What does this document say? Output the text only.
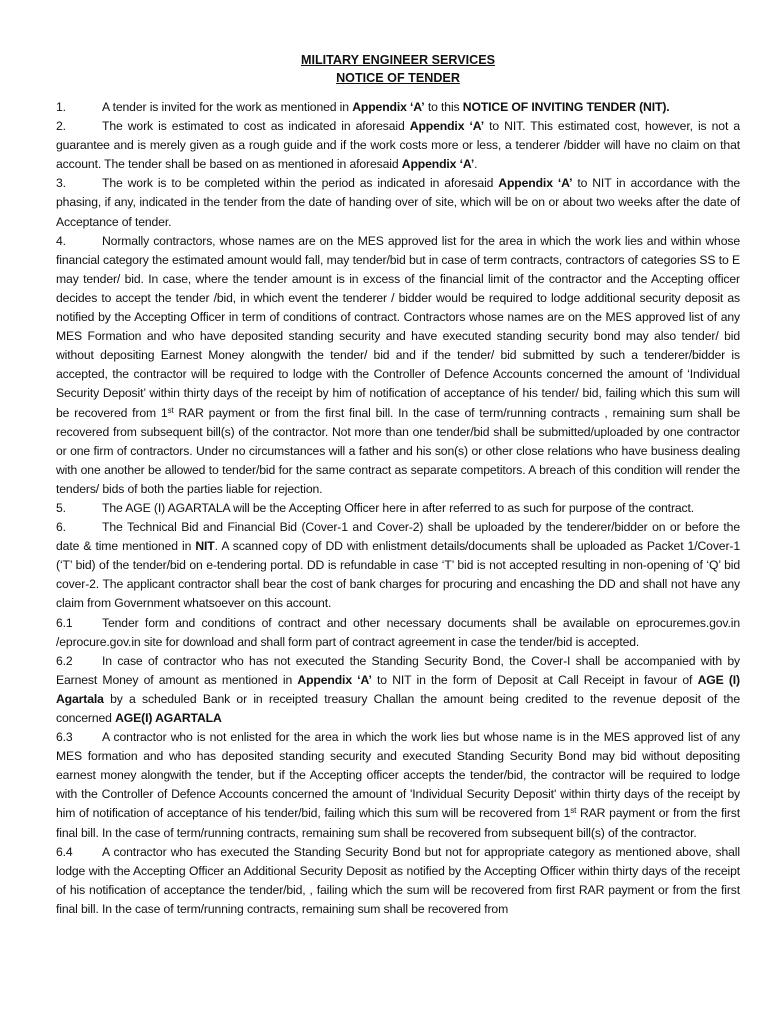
MILITARY ENGINEER SERVICES
NOTICE OF TENDER

1.	A tender is invited for the work as mentioned in Appendix ‘A’ to this NOTICE OF INVITING TENDER (NIT).

2.	The work is estimated to cost as indicated in aforesaid Appendix ‘A’ to NIT. This estimated cost, however, is not a guarantee and is merely given as a rough guide and if the work costs more or less, a tenderer /bidder will have no claim on that account. The tender shall be based on as mentioned in aforesaid Appendix ‘A’.

3.	The work is to be completed within the period as indicated in aforesaid Appendix ‘A’ to NIT in accordance with the phasing, if any, indicated in the tender from the date of handing over of site, which will be on or about two weeks after the date of Acceptance of tender.

4.	Normally contractors, whose names are on the MES approved list for the area in which the work lies and within whose financial category the estimated amount would fall, may tender/bid but in case of term contracts, contractors of categories SS to E may tender/ bid. In case, where the tender amount is in excess of the financial limit of the contractor and the Accepting officer decides to accept the tender /bid, in which event the tenderer / bidder would be required to lodge additional security deposit as notified by the Accepting Officer in term of conditions of contract. Contractors whose names are on the MES approved list of any MES Formation and who have deposited standing security and have executed standing security bond may also tender/ bid without depositing Earnest Money alongwith the tender/ bid and if the tender/ bid submitted by such a tenderer/bidder is accepted, the contractor will be required to lodge with the Controller of Defence Accounts concerned the amount of ‘Individual Security Deposit’ within thirty days of the receipt by him of notification of acceptance of his tender/ bid, failing which this sum will be recovered from 1st RAR payment or from the first final bill. In the case of term/running contracts , remaining sum shall be recovered from subsequent bill(s) of the contractor. Not more than one tender/bid shall be submitted/uploaded by one contractor or one firm of contractors. Under no circumstances will a father and his son(s) or other close relations who have business dealing with one another be allowed to tender/bid for the same contract as separate competitors. A breach of this condition will render the tenders/ bids of both the parties liable for rejection.

5.	The AGE (I) AGARTALA will be the Accepting Officer here in after referred to as such for purpose of the contract.

6.	The Technical Bid and Financial Bid (Cover-1 and Cover-2) shall be uploaded by the tenderer/bidder on or before the date & time mentioned in NIT. A scanned copy of DD with enlistment details/documents shall be uploaded as Packet 1/Cover-1 (‘T’ bid) of the tender/bid on e-tendering portal. DD is refundable in case ‘T’ bid is not accepted resulting in non-opening of ‘Q’ bid cover-2. The applicant contractor shall bear the cost of bank charges for procuring and encashing the DD and shall not have any claim from Government whatsoever on this account.

6.1 Tender form and conditions of contract and other necessary documents shall be available on eprocuremes.gov.in /eprocure.gov.in site for download and shall form part of contract agreement in case the tender/bid is accepted.

6.2 In case of contractor who has not executed the Standing Security Bond, the Cover-I shall be accompanied with by Earnest Money of amount as mentioned in Appendix ‘A’ to NIT in the form of Deposit at Call Receipt in favour of AGE (I) Agartala by a scheduled Bank or in receipted treasury Challan the amount being credited to the revenue deposit of the concerned AGE(I) AGARTALA

6.3 A contractor who is not enlisted for the area in which the work lies but whose name is in the MES approved list of any MES formation and who has deposited standing security and executed Standing Security Bond may bid without depositing earnest money alongwith the tender, but if the Accepting officer accepts the tender/bid, the contractor will be required to lodge with the Controller of Defence Accounts concerned the amount of 'Individual Security Deposit' within thirty days of the receipt by him of notification of acceptance of his tender/bid, failing which this sum will be recovered from 1st RAR payment or from the first final bill. In the case of term/running contracts, remaining sum shall be recovered from subsequent bill(s) of the contractor.

6.4 A contractor who has executed the Standing Security Bond but not for appropriate category as mentioned above, shall lodge with the Accepting Officer an Additional Security Deposit as notified by the Accepting Officer within thirty days of the receipt of his notification of acceptance the tender/bid, , failing which the sum will be recovered from first RAR payment or from the first final bill. In the case of term/running contracts, remaining sum shall be recovered from
